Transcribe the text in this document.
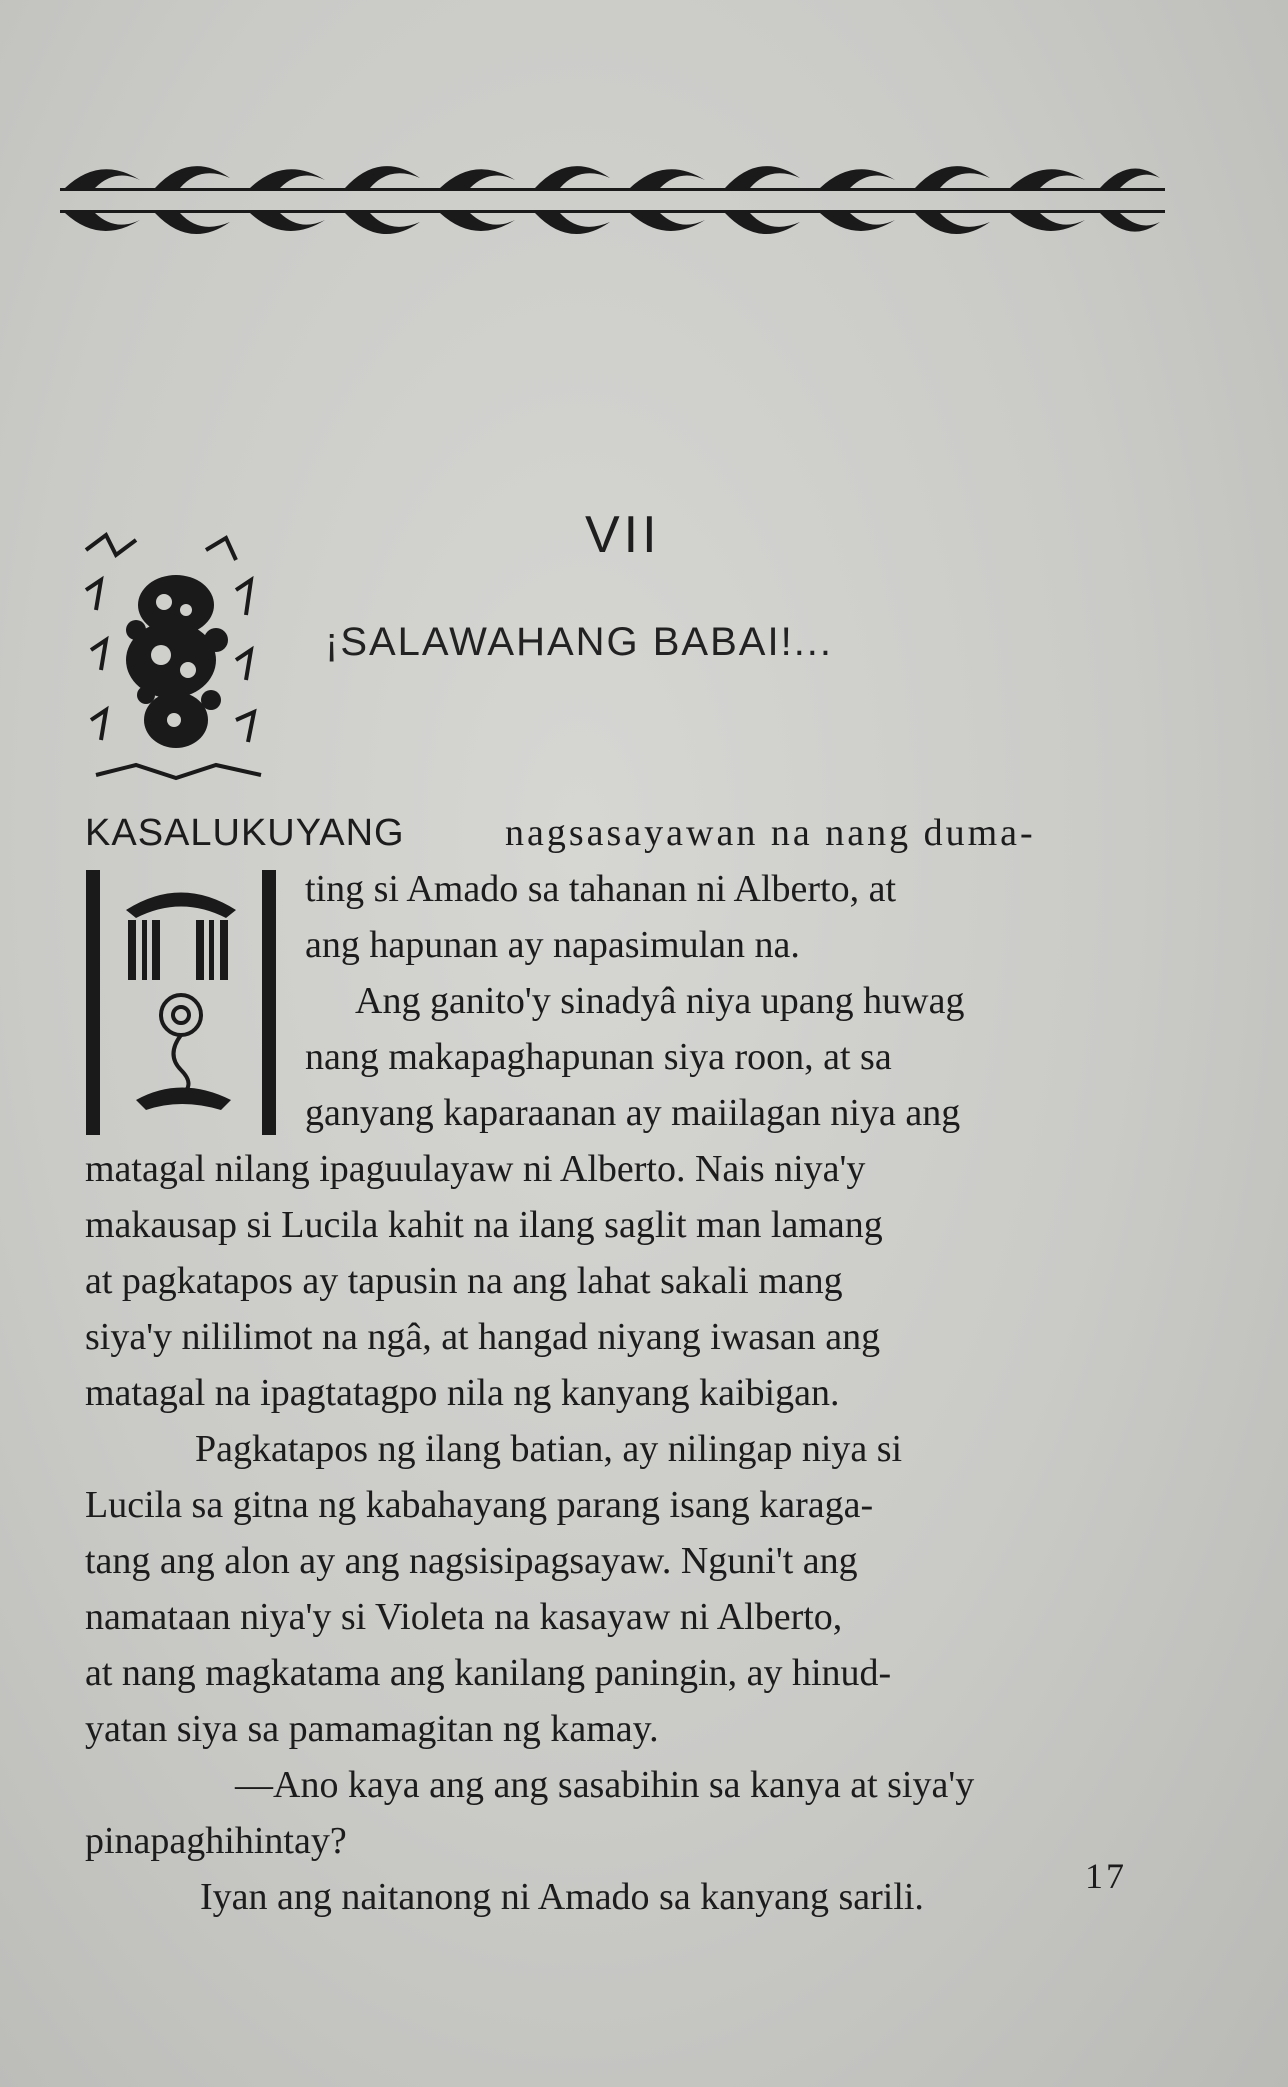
VII
¡SALAWAHANG BABAI!...
KASALUKUYANG	nagsasayawan na nang duma-
ting si Amado sa tahanan ni Alberto, at
ang hapunan ay napasimulan na.
Ang ganito'y sinadyâ niya upang huwag
nang makapaghapunan siya roon, at sa
ganyang kaparaanan ay maiilagan niya ang
matagal nilang ipaguulayaw ni Alberto. Nais niya'y
makausap si Lucila kahit na ilang saglit man lamang
at pagkatapos ay tapusin na ang lahat sakali mang
siya'y nililimot na ngâ, at hangad niyang iwasan ang
matagal na ipagtatagpo nila ng kanyang kaibigan.
Pagkatapos ng ilang batian, ay nilingap niya si
Lucila sa gitna ng kabahayang parang isang karaga-
tang ang alon ay ang nagsisipagsayaw. Nguni't ang
namataan niya'y si Violeta na kasayaw ni Alberto,
at nang magkatama ang kanilang paningin, ay hinud-
yatan siya sa pamamagitan ng kamay.
—Ano kaya ang ang sasabihin sa kanya at siya'y
pinapaghihintay?
Iyan ang naitanong ni Amado sa kanyang sarili.	17
